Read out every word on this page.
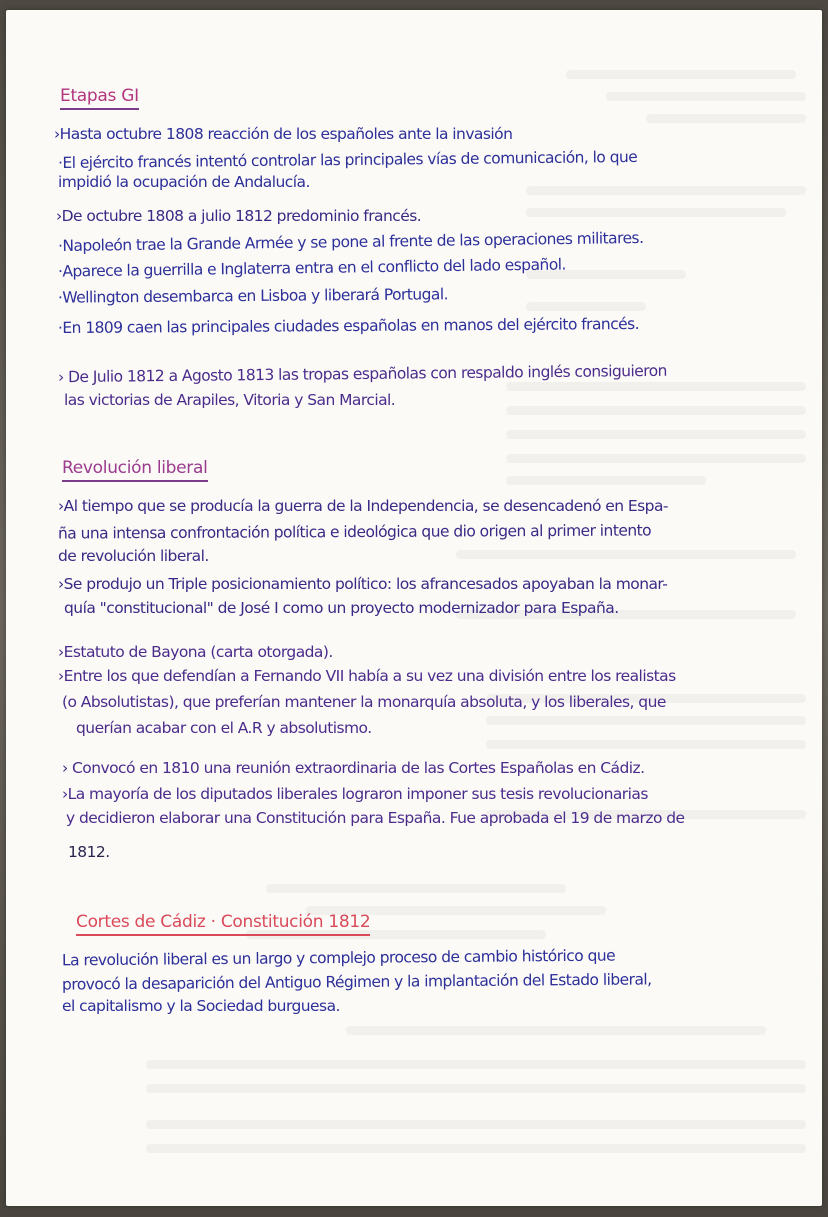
Etapas GI
›Hasta octubre 1808 reacción de los españoles ante la invasión
·El ejército francés intentó controlar las principales vías de comunicación, lo que
impidió la ocupación de Andalucía.
›De octubre 1808 a julio 1812 predominio francés.
·Napoleón trae la Grande Armée y se pone al frente de las operaciones militares.
·Aparece la guerrilla e Inglaterra entra en el conflicto del lado español.
·Wellington desembarca en Lisboa y liberará Portugal.
·En 1809 caen las principales ciudades españolas en manos del ejército francés.
› De Julio 1812 a Agosto 1813 las tropas españolas con respaldo inglés consiguieron
las victorias de Arapiles, Vitoria y San Marcial.
Revolución liberal
›Al tiempo que se producía la guerra de la Independencia, se desencadenó en Espa-
ña una intensa confrontación política e ideológica que dio origen al primer intento
de revolución liberal.
›Se produjo un Triple posicionamiento político: los afrancesados apoyaban la monar-
quía "constitucional" de José I como un proyecto modernizador para España.
›Estatuto de Bayona (carta otorgada).
›Entre los que defendían a Fernando VII había a su vez una división entre los realistas
(o Absolutistas), que preferían mantener la monarquía absoluta, y los liberales, que
querían acabar con el A.R y absolutismo.
› Convocó en 1810 una reunión extraordinaria de las Cortes Españolas en Cádiz.
›La mayoría de los diputados liberales lograron imponer sus tesis revolucionarias
y decidieron elaborar una Constitución para España. Fue aprobada el 19 de marzo de
1812.
Cortes de Cádiz · Constitución 1812
La revolución liberal es un largo y complejo proceso de cambio histórico que
provocó la desaparición del Antiguo Régimen y la implantación del Estado liberal,
el capitalismo y la Sociedad burguesa.
